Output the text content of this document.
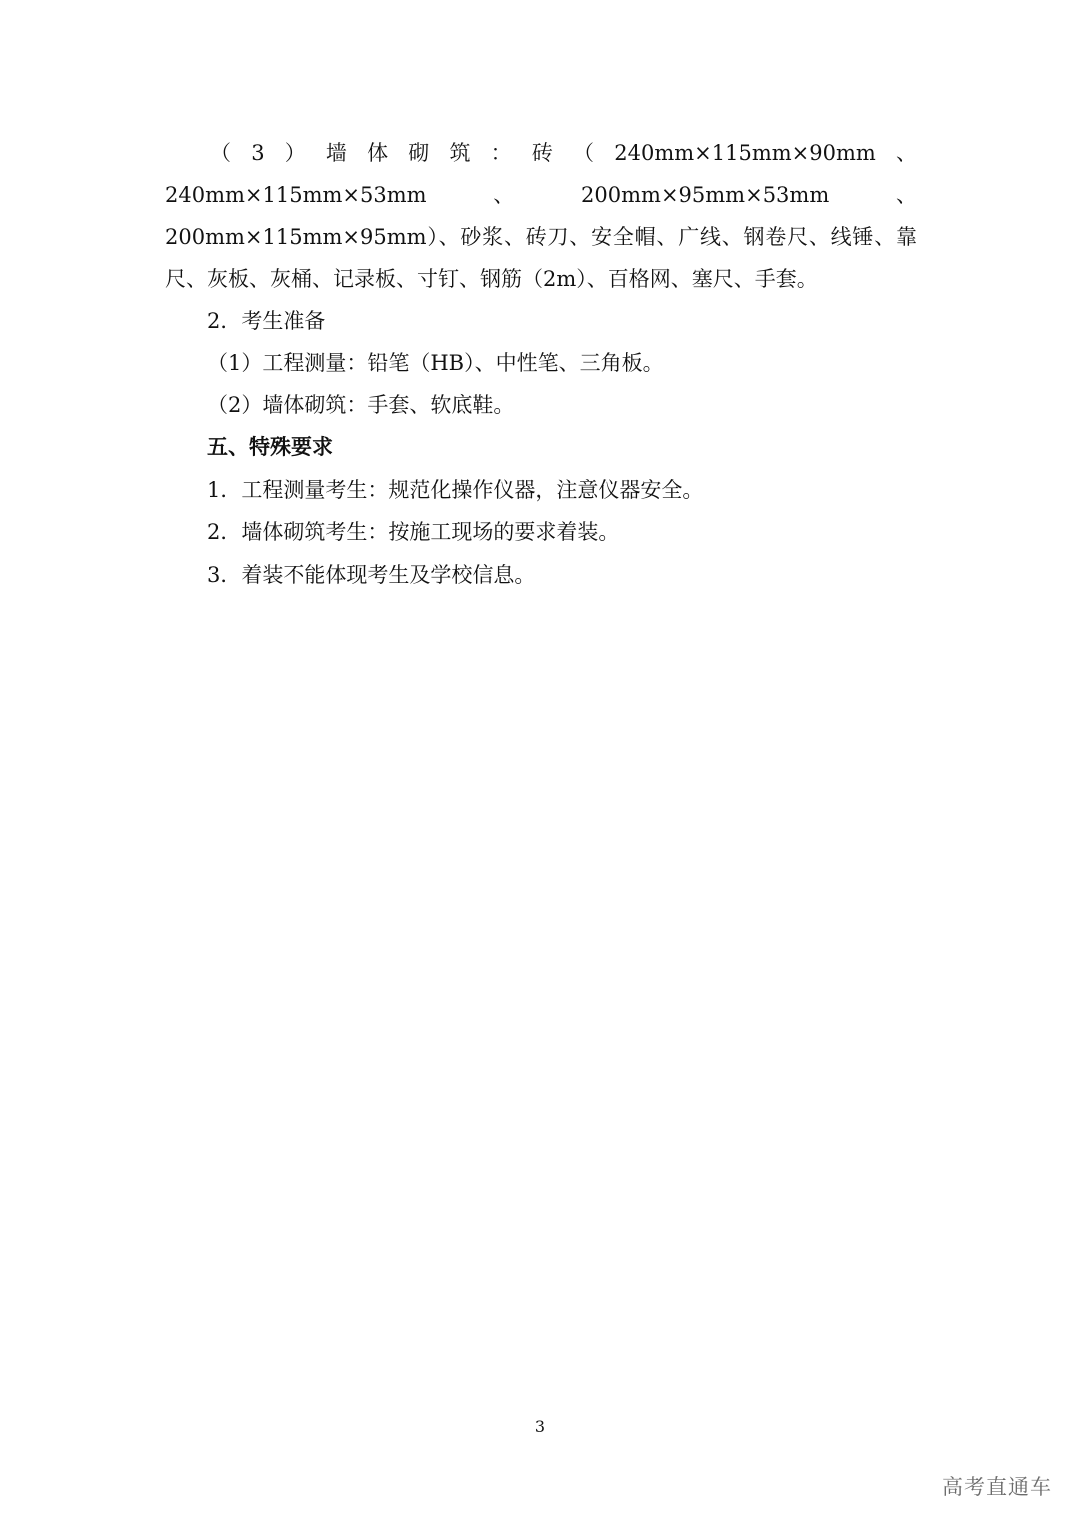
（3）墙体砌筑：砖（240mm×115mm×90mm、240mm×115mm×53mm、200mm×95mm×53mm、200mm×115mm×95mm）、砂浆、砖刀、安全帽、广线、钢卷尺、线锤、靠尺、灰板、灰桶、记录板、寸钉、钢筋（2m）、百格网、塞尺、手套。

2．考生准备

（1）工程测量：铅笔（HB）、中性笔、三角板。

（2）墙体砌筑：手套、软底鞋。

五、特殊要求

1．工程测量考生：规范化操作仪器，注意仪器安全。

2．墙体砌筑考生：按施工现场的要求着装。

3．着装不能体现考生及学校信息。

3
高考直通车
